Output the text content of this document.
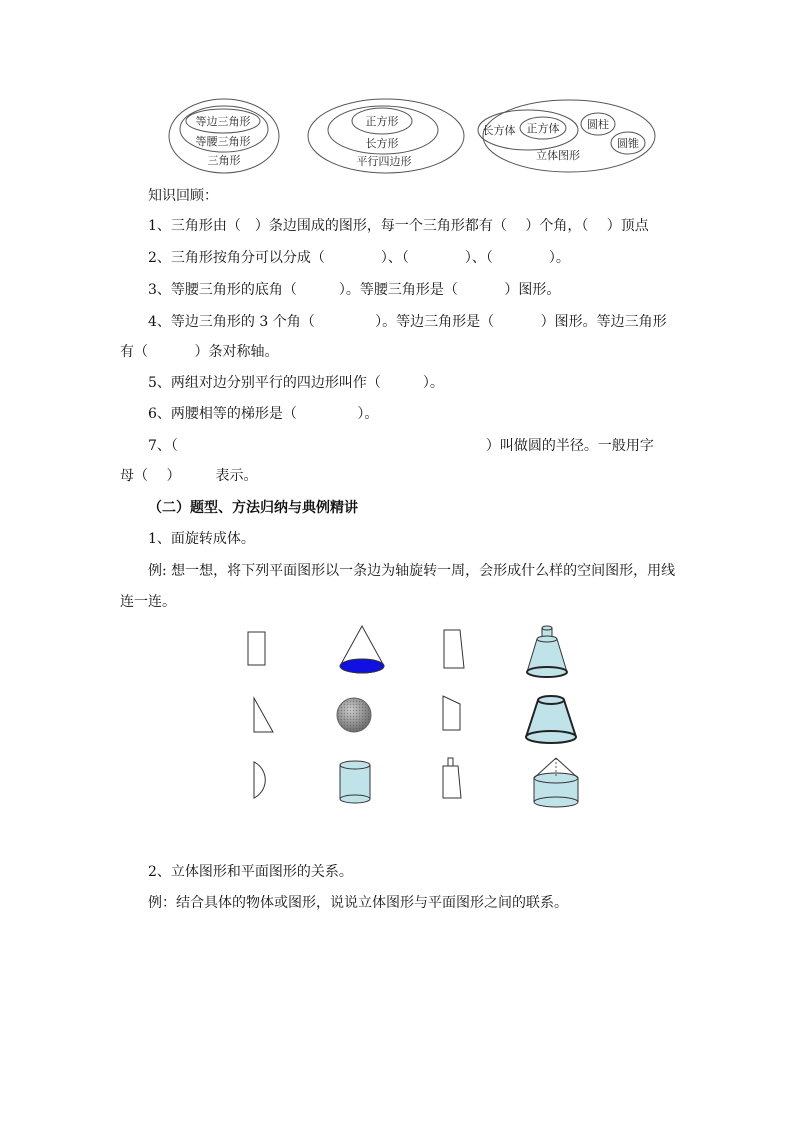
等边三角形
等腰三角形
三角形
正方形
长方形
平行四边形
长方体 正方体	圆柱
圆锥
立体图形
知识回顾：
1、三角形由（　）条边围成的图形，每一个三角形都有（　 ）个角，（　 ）顶点
2、三角形按角分可以分成（　　　　）、（　　　　）、（　　　　）。
3、等腰三角形的底角（　　　）。等腰三角形是（　　　 ）图形。
4、等边三角形的 3 个角（　　　　 ）。等边三角形是（　　　 ）图形。等边三角形
有（　　　 ）条对称轴。
5、两组对边分别平行的四边形叫作（　　　）。
6、两腰相等的梯形是（　　　　 ）。
7、（　　　　　　　　　　　　　　　　　　　　　　）叫做圆的半径。一般用字
母（　 ）　　　表示。
（二）题型、方法归纳与典例精讲
1、面旋转成体。
例: 想一想，将下列平面图形以一条边为轴旋转一周，会形成什么样的空间图形，用线
连一连。
2、立体图形和平面图形的关系。
例：结合具体的物体或图形，说说立体图形与平面图形之间的联系。
